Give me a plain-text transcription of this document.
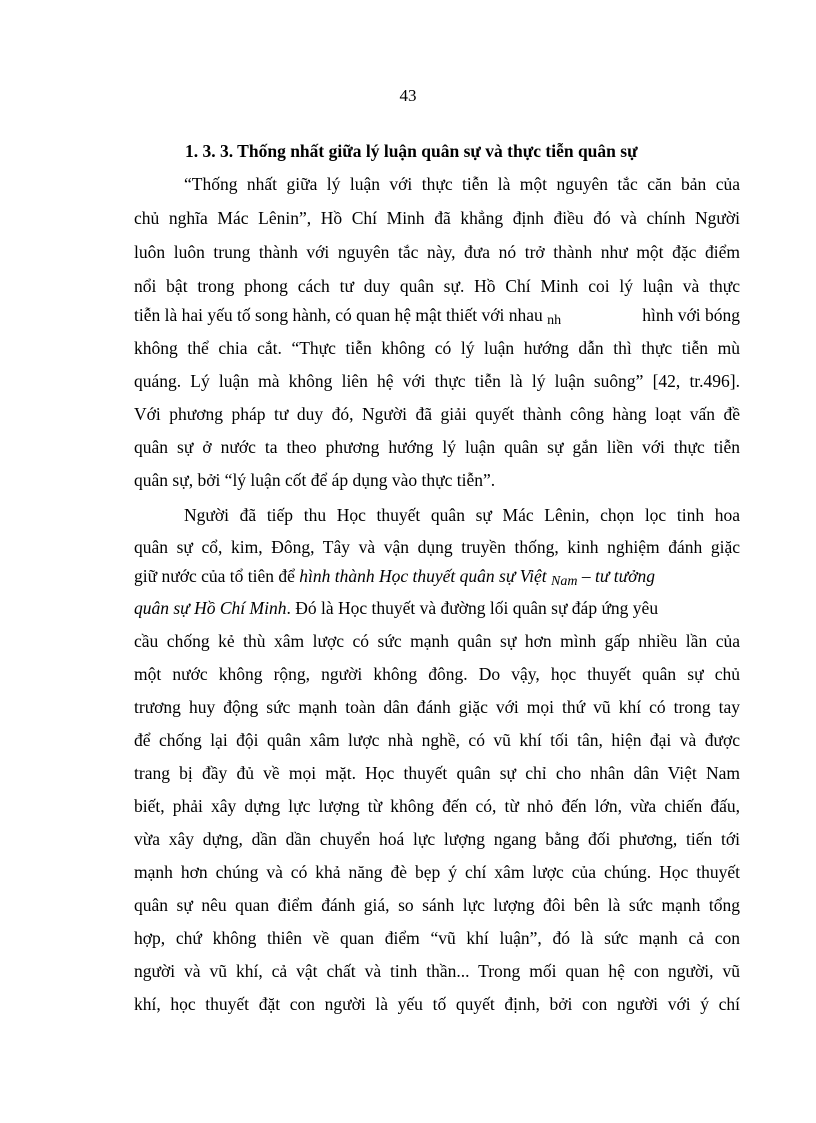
43
1. 3. 3. Thống nhất giữa lý luận quân sự và thực tiễn quân sự
“Thống nhất giữa lý luận với thực tiễn là một nguyên tắc căn bản của
chủ nghĩa Mác Lênin”, Hồ Chí Minh đã khẳng định điều đó và chính Người
luôn luôn trung thành với nguyên tắc này, đưa nó trở thành như một đặc điểm
nổi bật trong phong cách tư duy quân sự. Hồ Chí Minh coi lý luận và thực
tiễn là hai yếu tố song hành, có quan hệ mật thiết với nhau nh	hình với bóng
không thể chia cắt. “Thực tiễn không có lý luận hướng dẫn thì thực tiễn mù
quáng. Lý luận mà không liên hệ với thực tiễn là lý luận suông” [42, tr.496].
Với phương pháp tư duy đó, Người đã giải quyết thành công hàng loạt vấn đề
quân sự ở nước ta theo phương hướng lý luận quân sự gắn liền với thực tiễn
quân sự, bởi “lý luận cốt để áp dụng vào thực tiễn”.
Người đã tiếp thu Học thuyết quân sự Mác Lênin, chọn lọc tinh hoa
quân sự cổ, kim, Đông, Tây và vận dụng truyền thống, kinh nghiệm đánh giặc
giữ nước của tổ tiên để hình thành Học thuyết quân sự Việt Nam – tư tưởng
quân sự Hồ Chí Minh. Đó là Học thuyết và đường lối quân sự đáp ứng yêu
cầu chống kẻ thù xâm lược có sức mạnh quân sự hơn mình gấp nhiều lần của
một nước không rộng, người không đông. Do vậy, học thuyết quân sự chủ
trương huy động sức mạnh toàn dân đánh giặc với mọi thứ vũ khí có trong tay
để chống lại đội quân xâm lược nhà nghề, có vũ khí tối tân, hiện đại và được
trang bị đầy đủ về mọi mặt. Học thuyết quân sự chỉ cho nhân dân Việt Nam
biết, phải xây dựng lực lượng từ không đến có, từ nhỏ đến lớn, vừa chiến đấu,
vừa xây dựng, dần dần chuyển hoá lực lượng ngang bằng đối phương, tiến tới
mạnh hơn chúng và có khả năng đè bẹp ý chí xâm lược của chúng. Học thuyết
quân sự nêu quan điểm đánh giá, so sánh lực lượng đôi bên là sức mạnh tổng
hợp, chứ không thiên về quan điểm “vũ khí luận”, đó là sức mạnh cả con
người và vũ khí, cả vật chất và tinh thần... Trong mối quan hệ con người, vũ
khí, học thuyết đặt con người là yếu tố quyết định, bởi con người với ý chí
